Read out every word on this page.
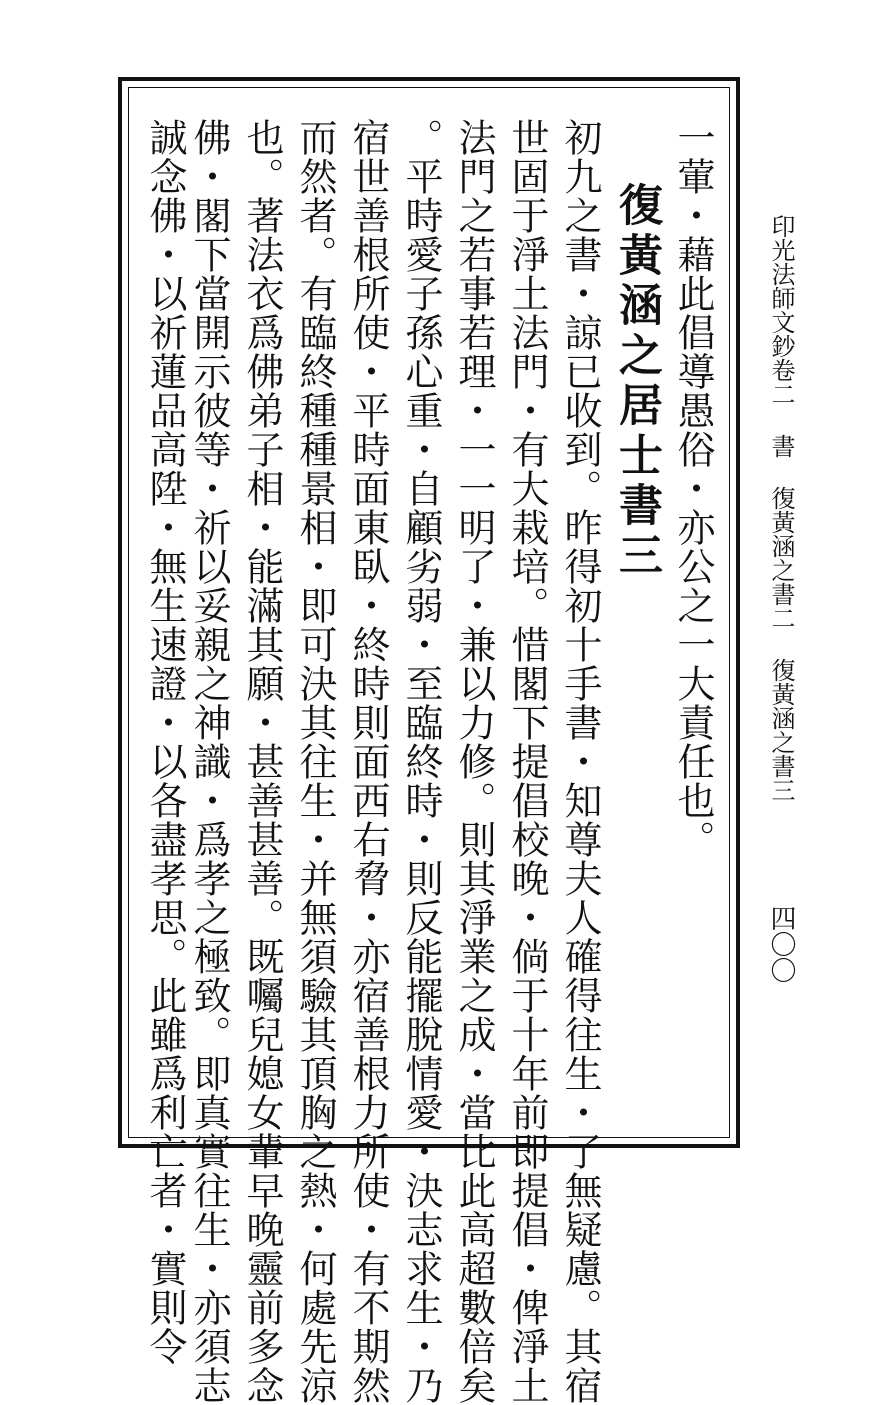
印光法師文鈔卷二 書 復黃涵之書二 復黃涵之書三
四〇〇
一葷・藉此倡導愚俗・亦公之一大責任也。
復黃涵之居士書三
初九之書・諒已收到。昨得初十手書・知尊夫人確得往生・了無疑慮。其宿
世固于淨土法門・有大栽培。惜閣下提倡校晚・倘于十年前即提倡・俾淨土
法門之若事若理・一一明了・兼以力修。則其淨業之成・當比此高超數倍矣
。平時愛子孫心重・自顧劣弱・至臨終時・則反能擺脫情愛・決志求生・乃
宿世善根所使・平時面東臥・終時則面西右脅・亦宿善根力所使・有不期然
而然者。有臨終種種景相・即可決其往生・并無須驗其頂胸之熱・何處先涼
也。著法衣爲佛弟子相・能滿其願・甚善甚善。既囑兒媳女輩早晚靈前多念
佛・閣下當開示彼等・祈以妥親之神識・爲孝之極致。即真實往生・亦須志
誠念佛・以祈蓮品高陞・無生速證・以各盡孝思。此雖爲利亡者・實則令
